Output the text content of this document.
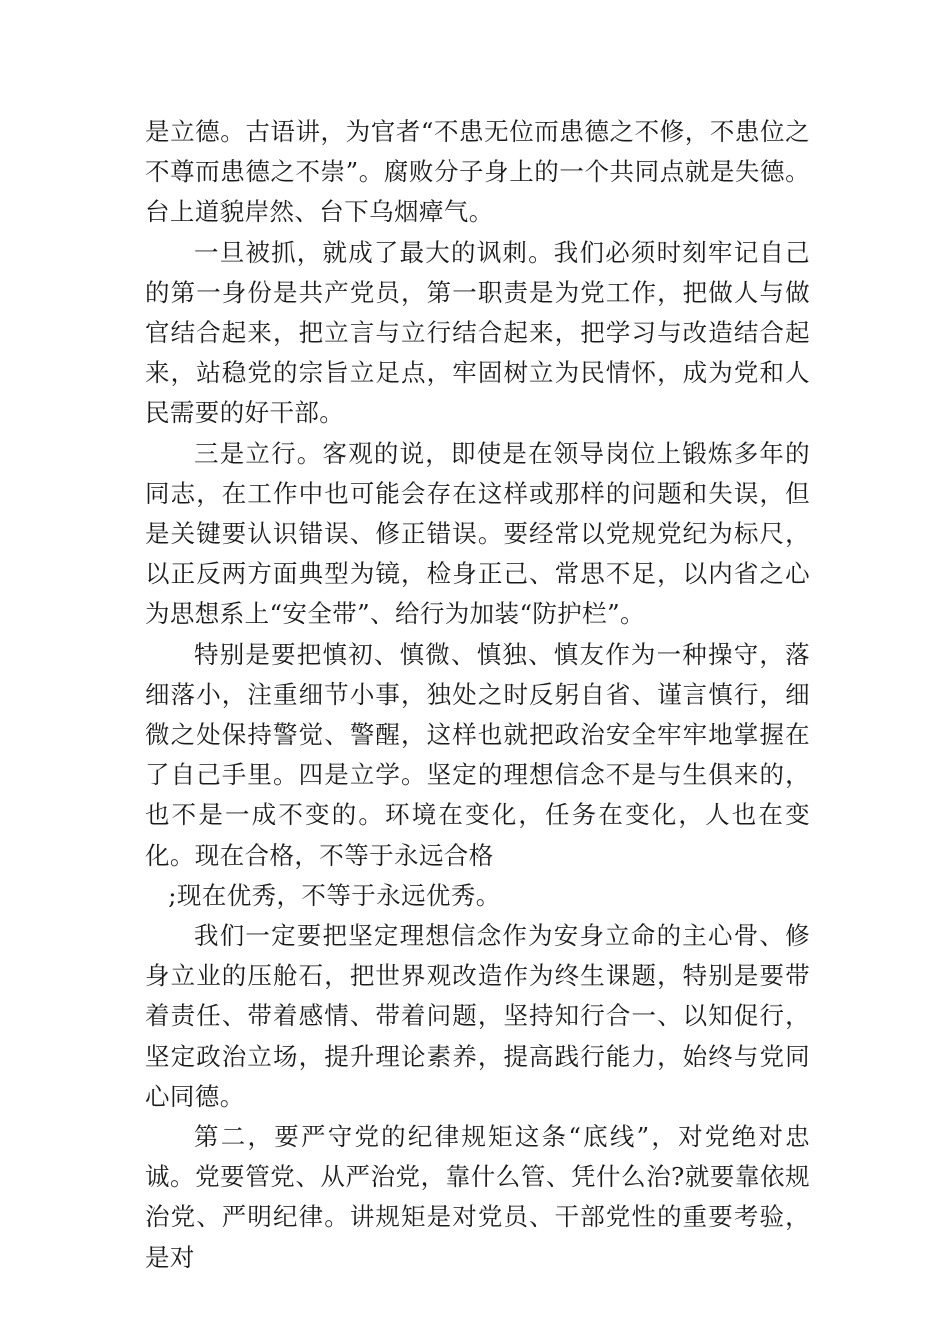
是立德。古语讲，为官者“不患无位而患德之不修，不患位之不尊而患德之不崇”。腐败分子身上的一个共同点就是失德。台上道貌岸然、台下乌烟瘴气。

一旦被抓，就成了最大的讽刺。我们必须时刻牢记自己的第一身份是共产党员，第一职责是为党工作，把做人与做官结合起来，把立言与立行结合起来，把学习与改造结合起来，站稳党的宗旨立足点，牢固树立为民情怀，成为党和人民需要的好干部。

三是立行。客观的说，即使是在领导岗位上锻炼多年的同志，在工作中也可能会存在这样或那样的问题和失误，但是关键要认识错误、修正错误。要经常以党规党纪为标尺，以正反两方面典型为镜，检身正己、常思不足，以内省之心为思想系上“安全带”、给行为加装“防护栏”。

特别是要把慎初、慎微、慎独、慎友作为一种操守，落细落小，注重细节小事，独处之时反躬自省、谨言慎行，细微之处保持警觉、警醒，这样也就把政治安全牢牢地掌握在了自己手里。四是立学。坚定的理想信念不是与生俱来的，也不是一成不变的。环境在变化，任务在变化，人也在变化。现在合格，不等于永远合格

;现在优秀，不等于永远优秀。

我们一定要把坚定理想信念作为安身立命的主心骨、修身立业的压舱石，把世界观改造作为终生课题，特别是要带着责任、带着感情、带着问题，坚持知行合一、以知促行，坚定政治立场，提升理论素养，提高践行能力，始终与党同心同德。

第二，要严守党的纪律规矩这条“底线”，对党绝对忠诚。党要管党、从严治党，靠什么管、凭什么治?就要靠依规治党、严明纪律。讲规矩是对党员、干部党性的重要考验，是对
